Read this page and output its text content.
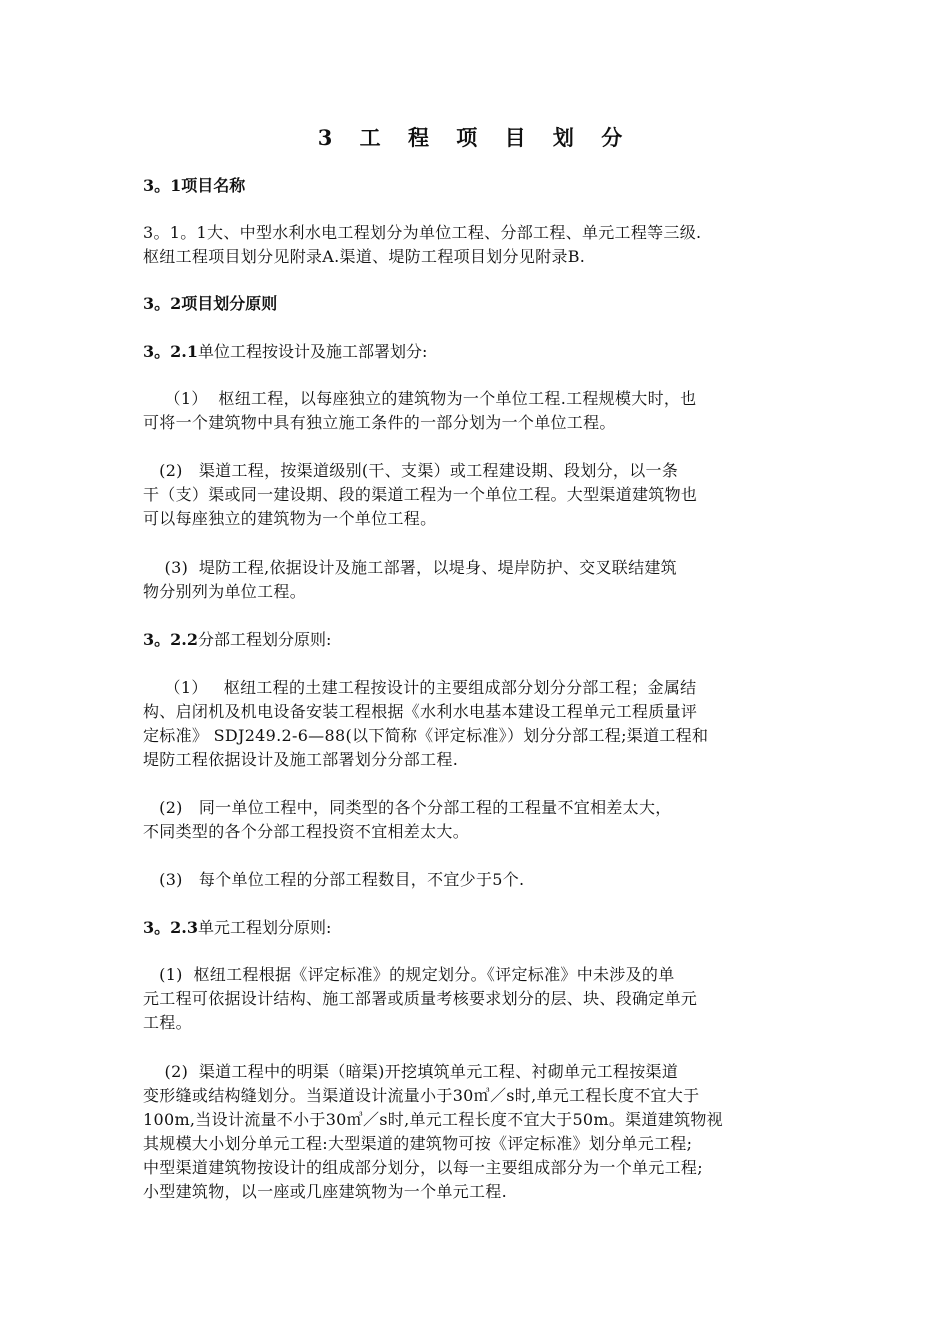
3 工 程 项 目 划 分
3。1项目名称
3。1。1大、中型水利水电工程划分为单位工程、分部工程、单元工程等三级.
枢纽工程项目划分见附录A.渠道、堤防工程项目划分见附录B.
3。2项目划分原则
3。2.1单位工程按设计及施工部署划分:
（1）  枢纽工程，以每座独立的建筑物为一个单位工程.工程规模大时，也
可将一个建筑物中具有独立施工条件的一部分划为一个单位工程。
(2)   渠道工程，按渠道级别(干、支渠）或工程建设期、段划分，以一条
干（支）渠或同一建设期、段的渠道工程为一个单位工程。大型渠道建筑物也
可以每座独立的建筑物为一个单位工程。
(3)  堤防工程,依据设计及施工部署，以堤身、堤岸防护、交叉联结建筑
物分别列为单位工程。
3。2.2分部工程划分原则:
（1）   枢纽工程的土建工程按设计的主要组成部分划分分部工程；金属结
构、启闭机及机电设备安装工程根据《水利水电基本建设工程单元工程质量评
定标准》 SDJ249.2-6—88(以下简称《评定标准》）划分分部工程;渠道工程和
堤防工程依据设计及施工部署划分分部工程.
(2)   同一单位工程中，同类型的各个分部工程的工程量不宜相差太大，
不同类型的各个分部工程投资不宜相差太大。
(3)   每个单位工程的分部工程数目，不宜少于5个.
3。2.3单元工程划分原则:
(1)  枢纽工程根据《评定标准》的规定划分。《评定标准》中未涉及的单
元工程可依据设计结构、施工部署或质量考核要求划分的层、块、段确定单元
工程。
(2)  渠道工程中的明渠（暗渠)开挖填筑单元工程、衬砌单元工程按渠道
变形缝或结构缝划分。当渠道设计流量小于30㎥／s时,单元工程长度不宜大于
100m,当设计流量不小于30㎥／s时,单元工程长度不宜大于50m。渠道建筑物视
其规模大小划分单元工程:大型渠道的建筑物可按《评定标准》划分单元工程;
中型渠道建筑物按设计的组成部分划分，以每一主要组成部分为一个单元工程;
小型建筑物，以一座或几座建筑物为一个单元工程.
